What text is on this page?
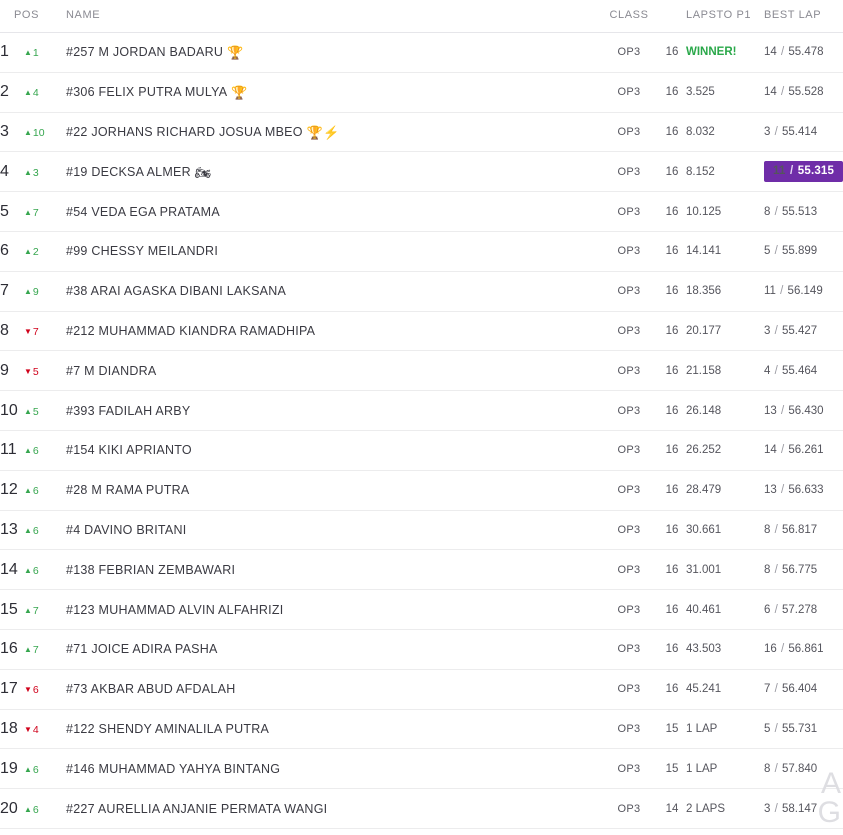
POS	NAME	CLASS		LAPSTO P1	BEST LAP
1 ▲1	#257 M JORDAN BADARU 🏆	OP3	16	WINNER!	14 / 55.478
2 ▲4	#306 FELIX PUTRA MULYA 🏆	OP3	16	3.525	14 / 55.528
3 ▲10	#22 JORHANS RICHARD JOSUA MBEO 🏆⚡	OP3	16	8.032	3 / 55.414
4 ▲3	#19 DECKSA ALMER 🏍	OP3	16	8.152	11 / 55.315
5 ▲7	#54 VEDA EGA PRATAMA	OP3	16	10.125	8 / 55.513
6 ▲2	#99 CHESSY MEILANDRI	OP3	16	14.141	5 / 55.899
7 ▲9	#38 ARAI AGASKA DIBANI LAKSANA	OP3	16	18.356	11 / 56.149
8 ▼7	#212 MUHAMMAD KIANDRA RAMADHIPA	OP3	16	20.177	3 / 55.427
9 ▼5	#7 M DIANDRA	OP3	16	21.158	4 / 55.464
10 ▲5	#393 FADILAH ARBY	OP3	16	26.148	13 / 56.430
11 ▲6	#154 KIKI APRIANTO	OP3	16	26.252	14 / 56.261
12 ▲6	#28 M RAMA PUTRA	OP3	16	28.479	13 / 56.633
13 ▲6	#4 DAVINO BRITANI	OP3	16	30.661	8 / 56.817
14 ▲6	#138 FEBRIAN ZEMBAWARI	OP3	16	31.001	8 / 56.775
15 ▲7	#123 MUHAMMAD ALVIN ALFAHRIZI	OP3	16	40.461	6 / 57.278
16 ▲7	#71 JOICE ADIRA PASHA	OP3	16	43.503	16 / 56.861
17 ▼6	#73 AKBAR ABUD AFDALAH	OP3	16	45.241	7 / 56.404
18 ▼4	#122 SHENDY AMINALILA PUTRA	OP3	15	1 LAP	5 / 55.731
19 ▲6	#146 MUHAMMAD YAHYA BINTANG	OP3	15	1 LAP	8 / 57.840
20 ▲6	#227 AURELLIA ANJANIE PERMATA WANGI	OP3	14	2 LAPS	3 / 58.147
A
G
